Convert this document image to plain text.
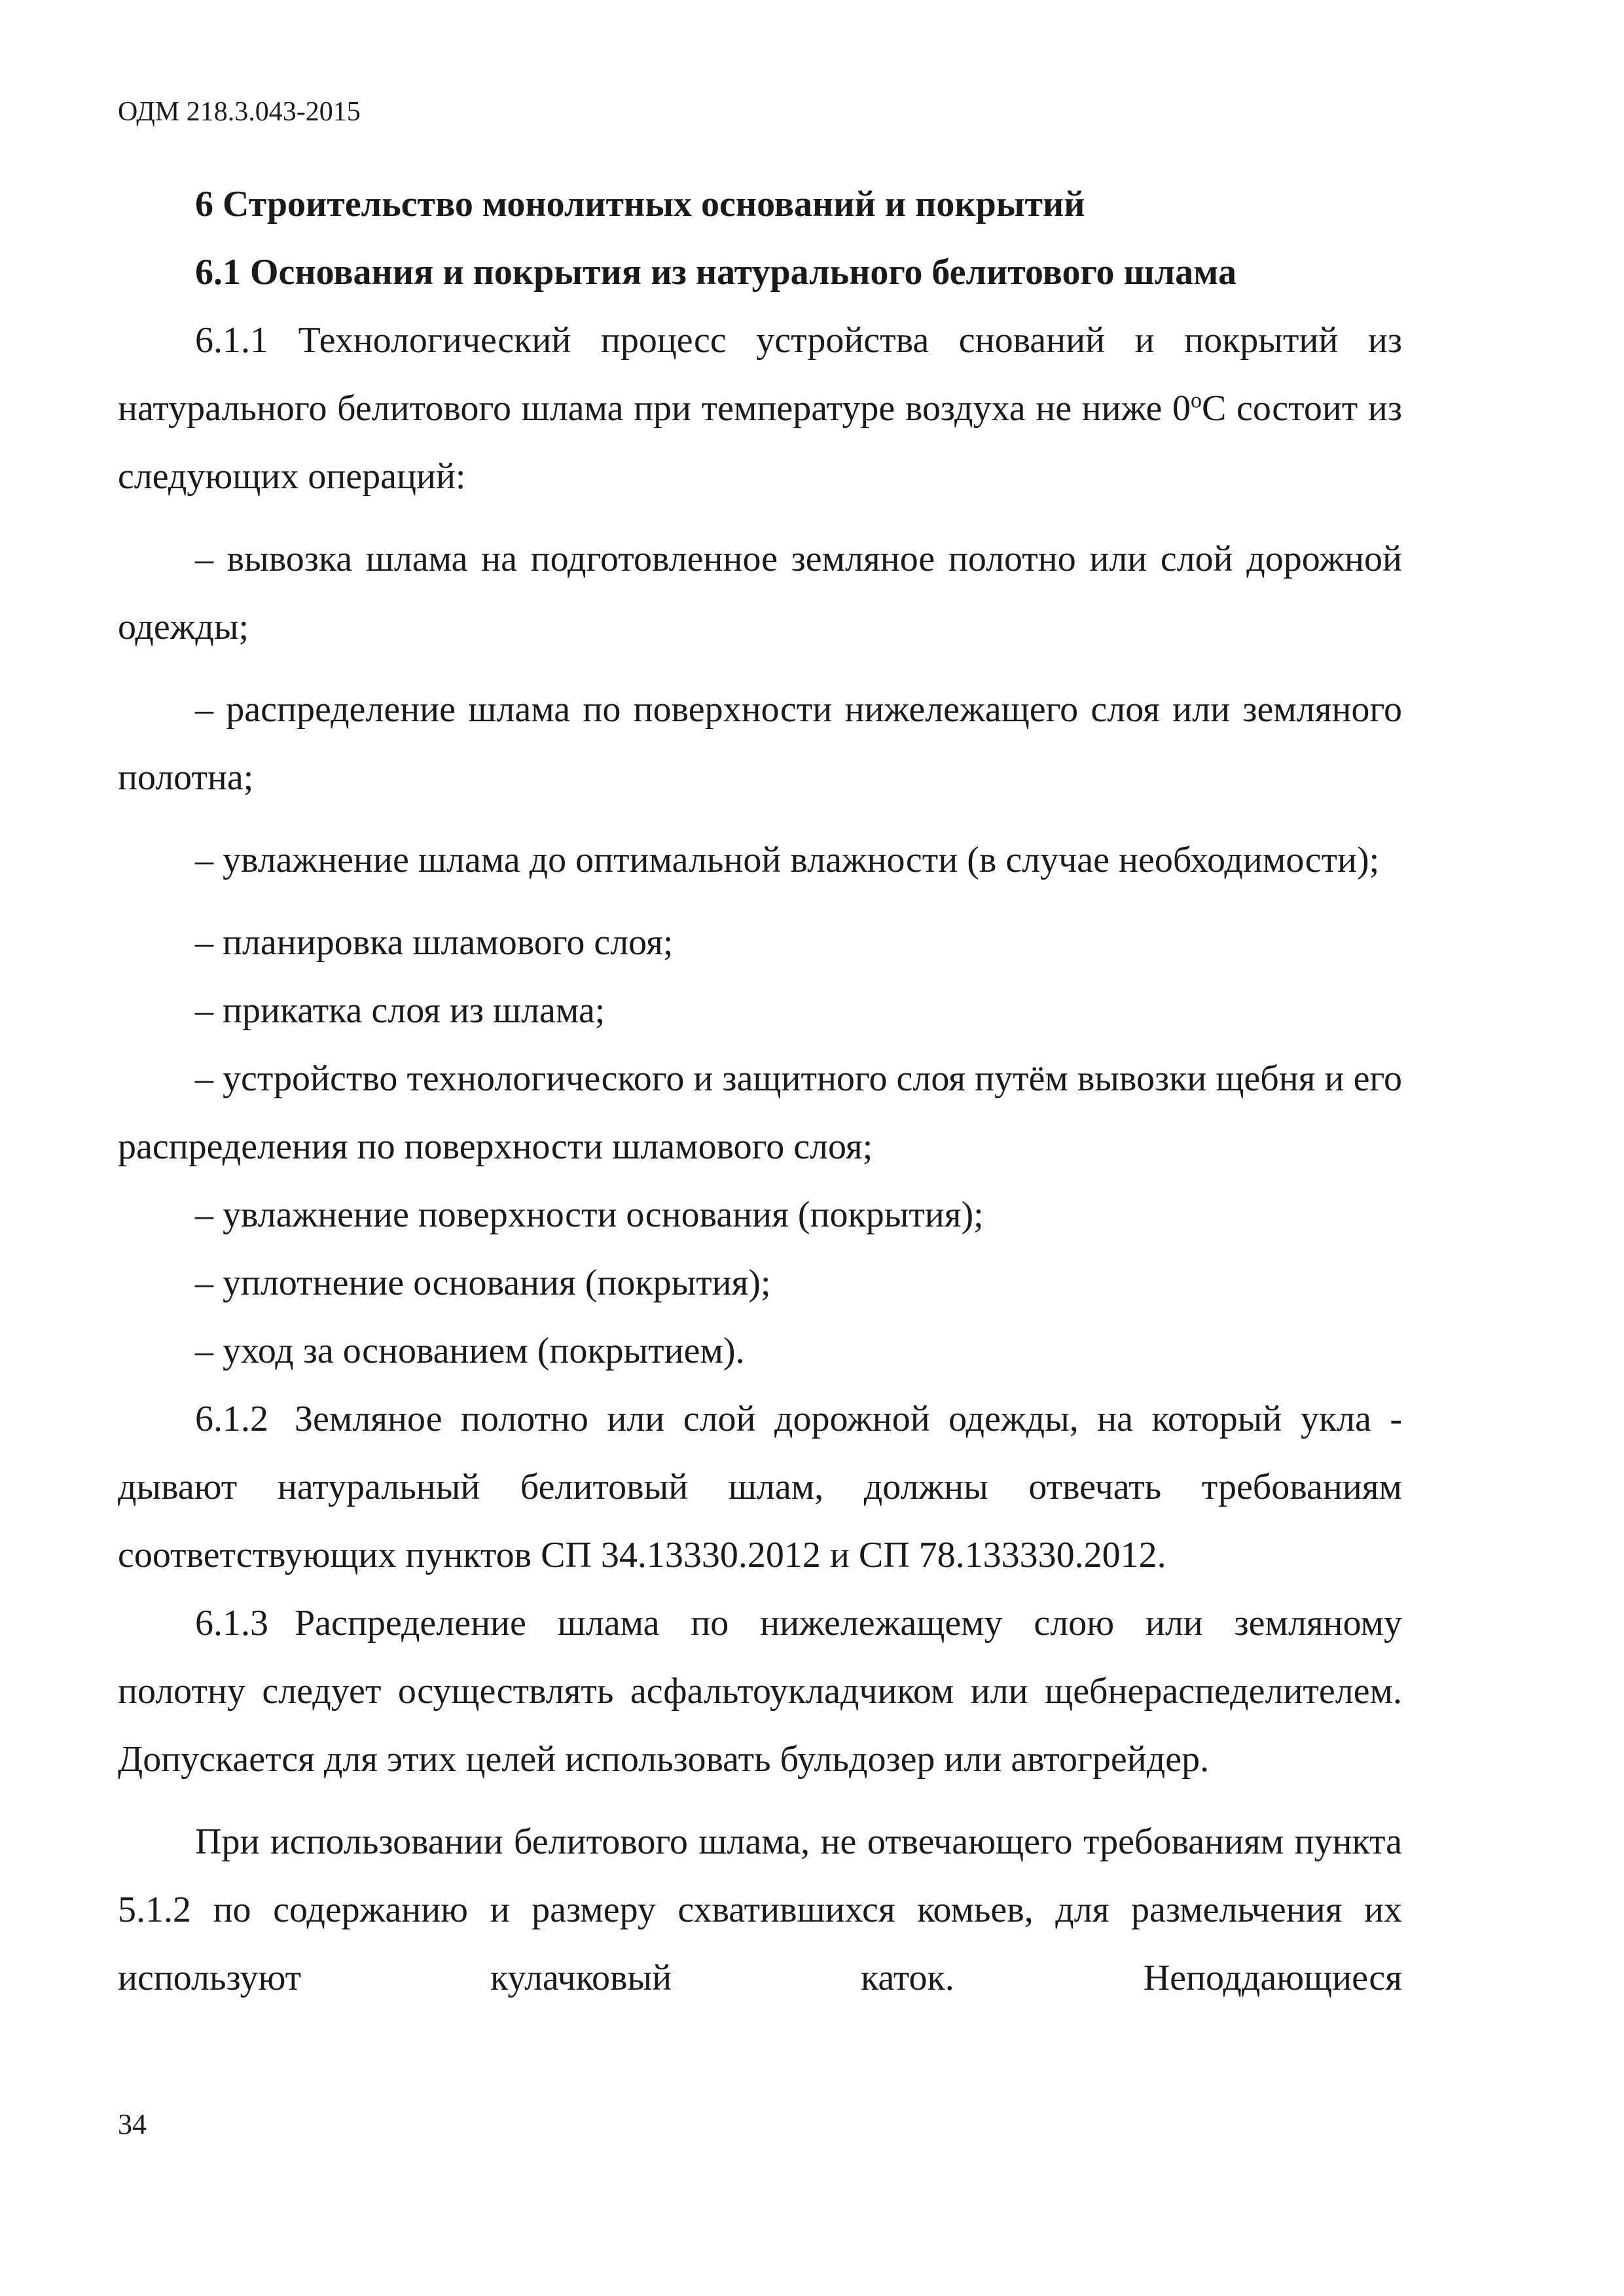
ОДМ 218.3.043-2015

6 Строительство монолитных оснований и покрытий

6.1 Основания и покрытия из натурального белитового шлама

6.1.1 Технологический процесс устройства снований и покрытий из натурального белитового шлама при температуре воздуха не ниже $0^оС$ состоит из следующих операций:

– вывозка шлама на подготовленное земляное полотно или слой дорожной одежды;

– распределение шлама по поверхности нижележащего слоя или земляного полотна;

– увлажнение шлама до оптимальной влажности (в случае необходимости);

– планировка шламового слоя;

– прикатка слоя из шлама;

– устройство технологического и защитного слоя путём вывозки щебня и его распределения по поверхности шламового слоя;

– увлажнение поверхности основания (покрытия);

– уплотнение основания (покрытия);

– уход за основанием (покрытием).

6.1.2 Земляное полотно или слой дорожной одежды, на который укла - дывают натуральный белитовый шлам, должны отвечать требованиям соответствующих пунктов СП 34.13330.2012 и СП 78.133330.2012.

6.1.3 Распределение шлама по нижележащему слою или земляному полотну следует осуществлять асфальтоукладчиком или щебнераспеделителем. Допускается для этих целей использовать бульдозер или автогрейдер.

При использовании белитового шлама, не отвечающего требованиям пункта 5.1.2 по содержанию и размеру схватившихся комьев, для размельчения их используют кулачковый каток. Неподдающиеся

34
